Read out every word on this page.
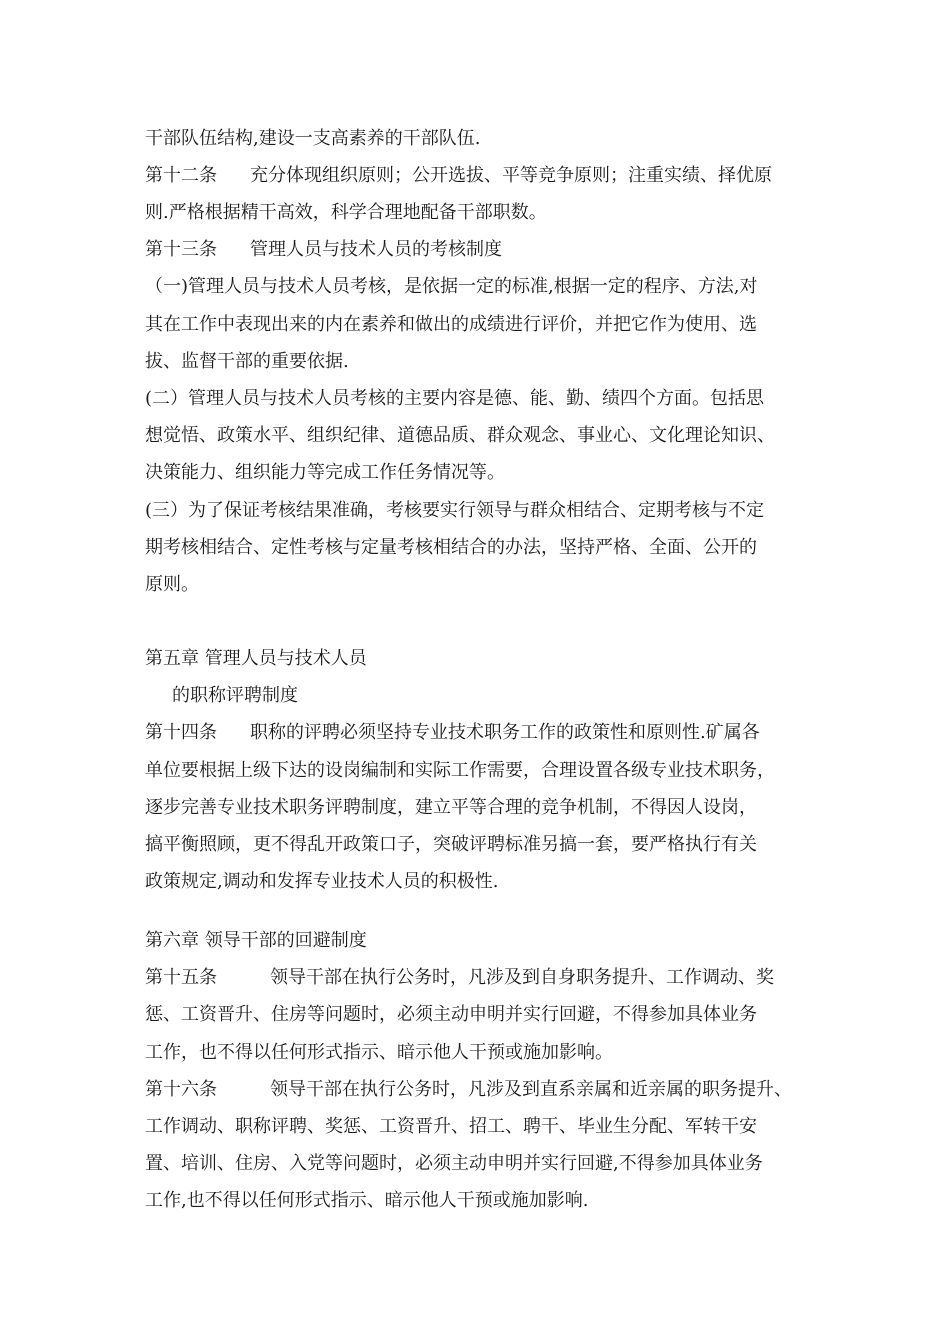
干部队伍结构,建设一支高素养的干部队伍.

第十二条 充分体现组织原则；公开选拔、平等竞争原则；注重实绩、择优原

则.严格根据精干高效，科学合理地配备干部职数。

第十三条 管理人员与技术人员的考核制度

（一)管理人员与技术人员考核，是依据一定的标准,根据一定的程序、方法,对

其在工作中表现出来的内在素养和做出的成绩进行评价，并把它作为使用、选

拔、监督干部的重要依据.

(二）管理人员与技术人员考核的主要内容是德、能、勤、绩四个方面。包括思

想觉悟、政策水平、组织纪律、道德品质、群众观念、事业心、文化理论知识、

决策能力、组织能力等完成工作任务情况等。

(三）为了保证考核结果准确，考核要实行领导与群众相结合、定期考核与不定

期考核相结合、定性考核与定量考核相结合的办法，坚持严格、全面、公开的

原则。

第五章 管理人员与技术人员

的职称评聘制度

第十四条 职称的评聘必须坚持专业技术职务工作的政策性和原则性.矿属各

单位要根据上级下达的设岗编制和实际工作需要，合理设置各级专业技术职务，

逐步完善专业技术职务评聘制度，建立平等合理的竞争机制，不得因人设岗，

搞平衡照顾，更不得乱开政策口子，突破评聘标准另搞一套，要严格执行有关

政策规定,调动和发挥专业技术人员的积极性.

第六章 领导干部的回避制度

第十五条	领导干部在执行公务时，凡涉及到自身职务提升、工作调动、奖

惩、工资晋升、住房等问题时，必须主动申明并实行回避，不得参加具体业务

工作，也不得以任何形式指示、暗示他人干预或施加影响。

第十六条	领导干部在执行公务时，凡涉及到直系亲属和近亲属的职务提升、

工作调动、职称评聘、奖惩、工资晋升、招工、聘干、毕业生分配、军转干安

置、培训、住房、入党等问题时，必须主动申明并实行回避,不得参加具体业务

工作,也不得以任何形式指示、暗示他人干预或施加影响.
